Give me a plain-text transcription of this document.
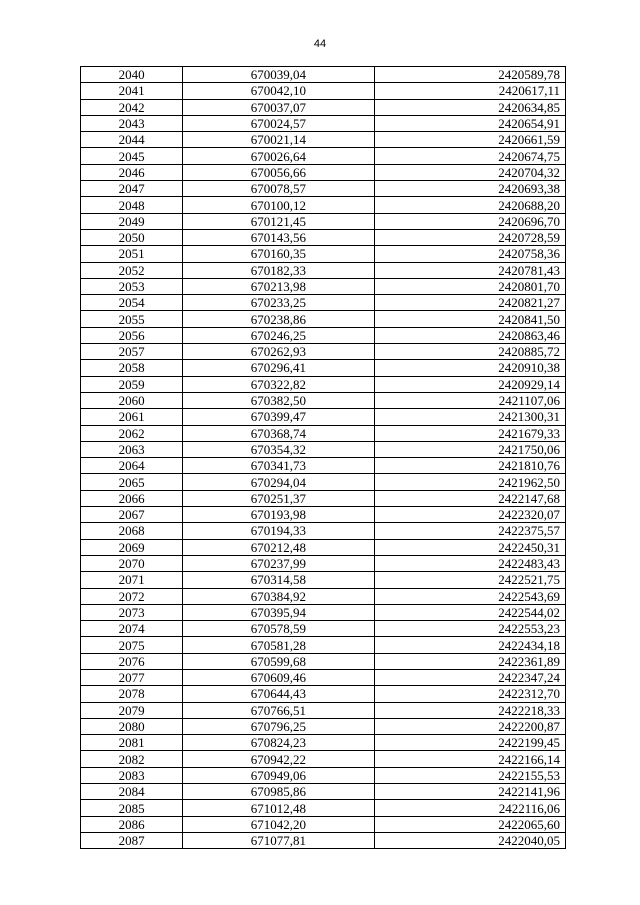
44
2040	670039,04	2420589,78
2041	670042,10	2420617,11
2042	670037,07	2420634,85
2043	670024,57	2420654,91
2044	670021,14	2420661,59
2045	670026,64	2420674,75
2046	670056,66	2420704,32
2047	670078,57	2420693,38
2048	670100,12	2420688,20
2049	670121,45	2420696,70
2050	670143,56	2420728,59
2051	670160,35	2420758,36
2052	670182,33	2420781,43
2053	670213,98	2420801,70
2054	670233,25	2420821,27
2055	670238,86	2420841,50
2056	670246,25	2420863,46
2057	670262,93	2420885,72
2058	670296,41	2420910,38
2059	670322,82	2420929,14
2060	670382,50	2421107,06
2061	670399,47	2421300,31
2062	670368,74	2421679,33
2063	670354,32	2421750,06
2064	670341,73	2421810,76
2065	670294,04	2421962,50
2066	670251,37	2422147,68
2067	670193,98	2422320,07
2068	670194,33	2422375,57
2069	670212,48	2422450,31
2070	670237,99	2422483,43
2071	670314,58	2422521,75
2072	670384,92	2422543,69
2073	670395,94	2422544,02
2074	670578,59	2422553,23
2075	670581,28	2422434,18
2076	670599,68	2422361,89
2077	670609,46	2422347,24
2078	670644,43	2422312,70
2079	670766,51	2422218,33
2080	670796,25	2422200,87
2081	670824,23	2422199,45
2082	670942,22	2422166,14
2083	670949,06	2422155,53
2084	670985,86	2422141,96
2085	671012,48	2422116,06
2086	671042,20	2422065,60
2087	671077,81	2422040,05
